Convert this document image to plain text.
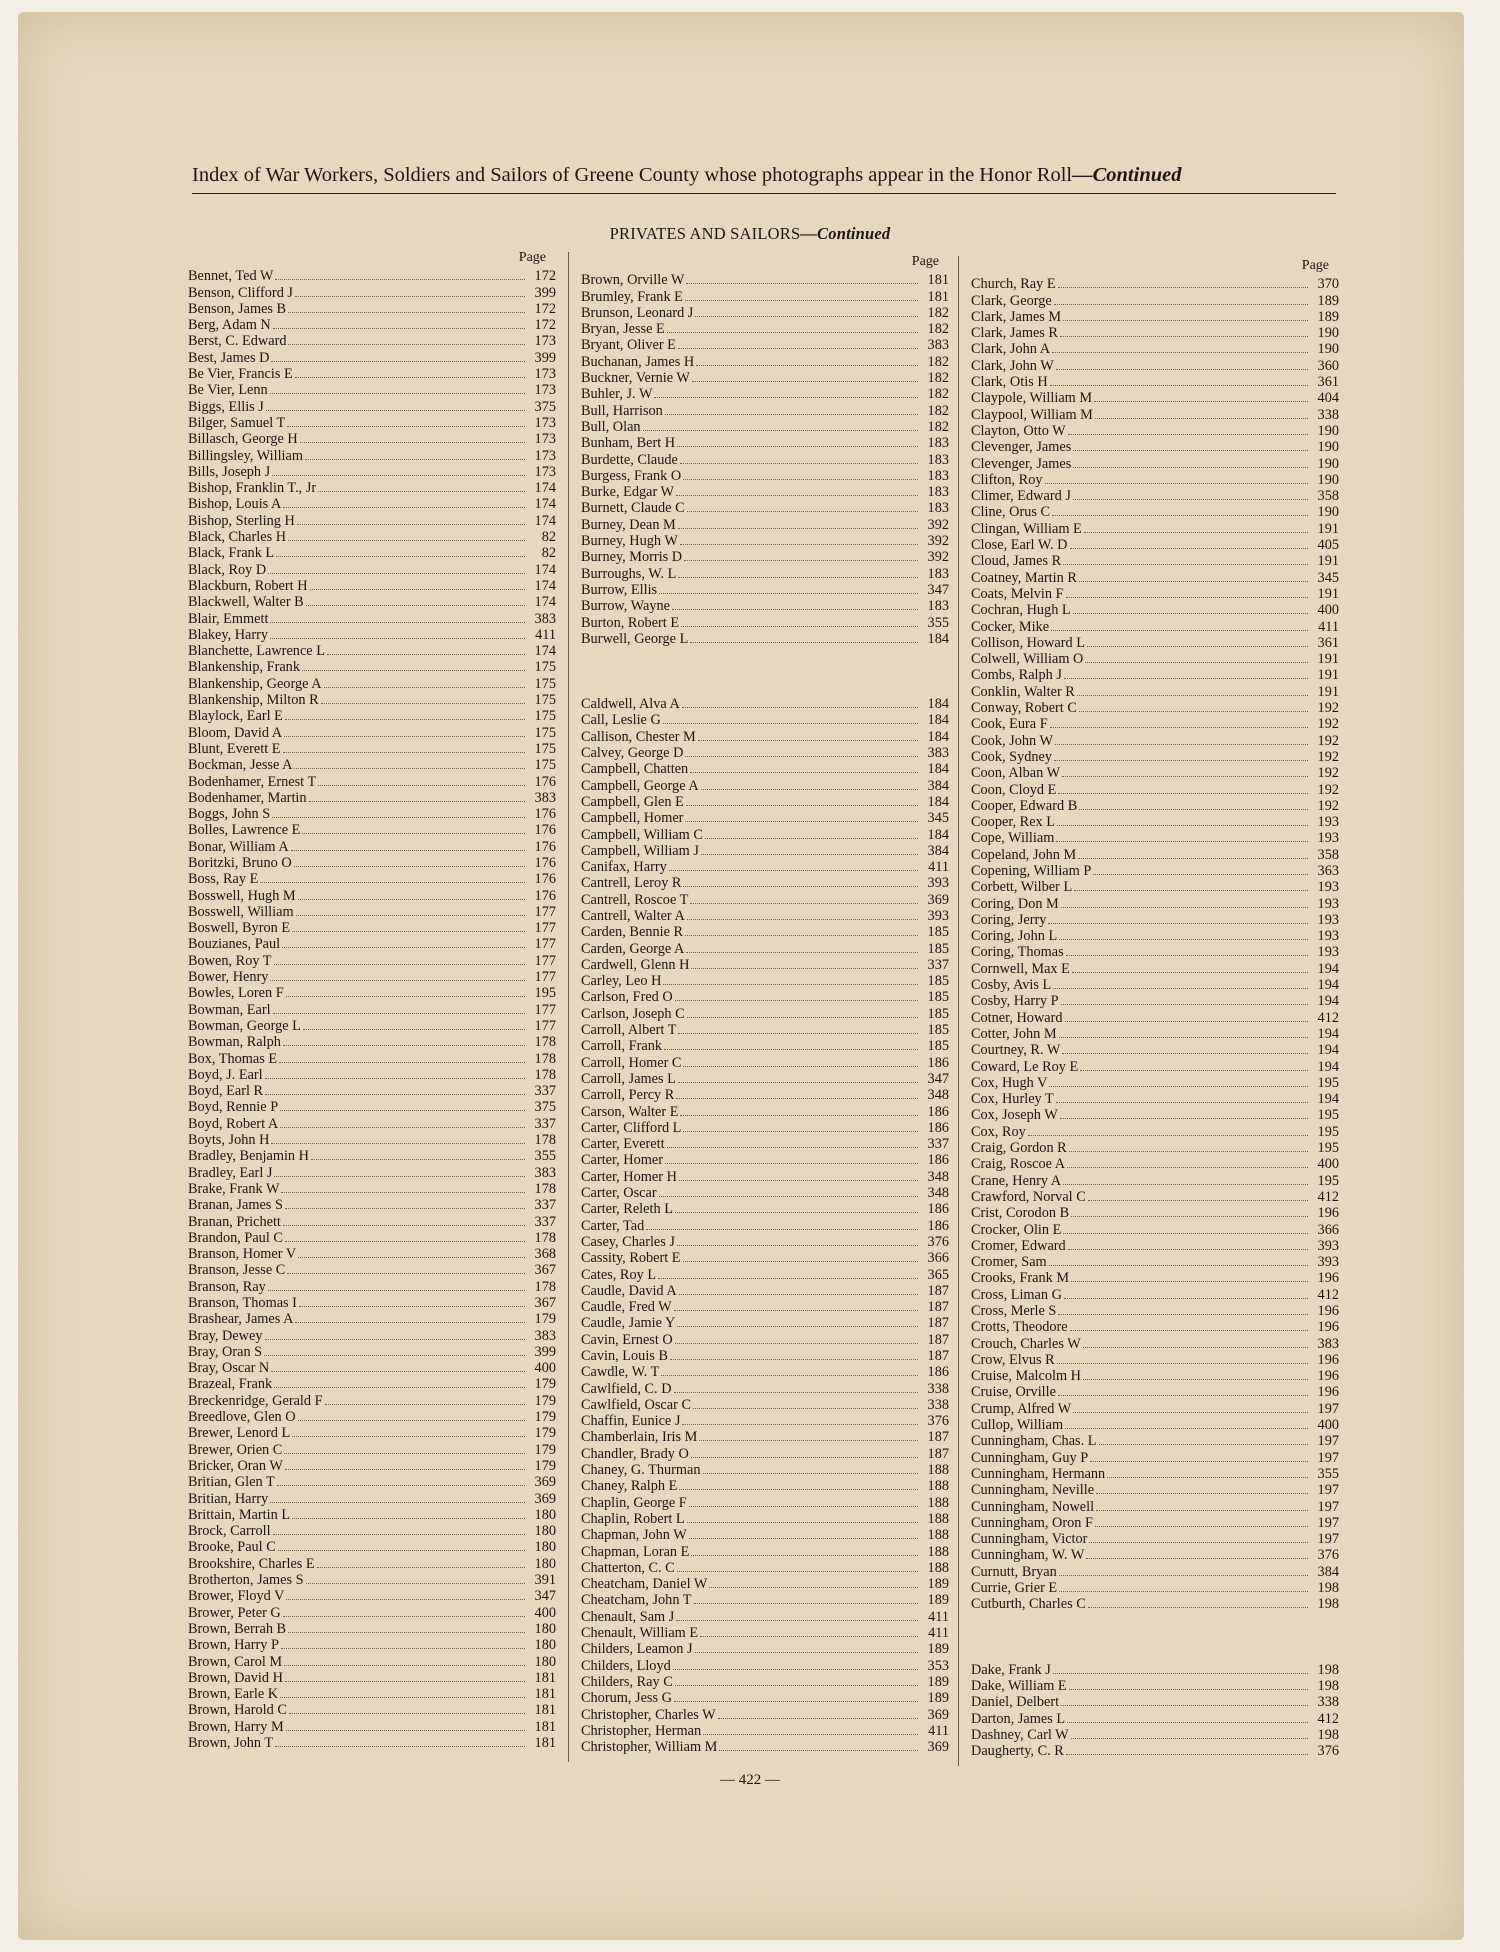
Index of War Workers, Soldiers and Sailors of Greene County whose photographs appear in the Honor Roll—Continued
PRIVATES AND SAILORS—Continued
Page
Bennet, Ted W	172
Benson, Clifford J	399
Benson, James B	172
Berg, Adam N	172
Berst, C. Edward	173
Best, James D	399
Be Vier, Francis E	173
Be Vier, Lenn	173
Biggs, Ellis J	375
Bilger, Samuel T	173
Billasch, George H	173
Billingsley, William	173
Bills, Joseph J	173
Bishop, Franklin T., Jr	174
Bishop, Louis A	174
Bishop, Sterling H	174
Black, Charles H	82
Black, Frank L	82
Black, Roy D	174
Blackburn, Robert H	174
Blackwell, Walter B	174
Blair, Emmett	383
Blakey, Harry	411
Blanchette, Lawrence L	174
Blankenship, Frank	175
Blankenship, George A	175
Blankenship, Milton R	175
Blaylock, Earl E	175
Bloom, David A	175
Blunt, Everett E	175
Bockman, Jesse A	175
Bodenhamer, Ernest T	176
Bodenhamer, Martin	383
Boggs, John S	176
Bolles, Lawrence E	176
Bonar, William A	176
Boritzki, Bruno O	176
Boss, Ray E	176
Bosswell, Hugh M	176
Bosswell, William	177
Boswell, Byron E	177
Bouzianes, Paul	177
Bowen, Roy T	177
Bower, Henry	177
Bowles, Loren F	195
Bowman, Earl	177
Bowman, George L	177
Bowman, Ralph	178
Box, Thomas E	178
Boyd, J. Earl	178
Boyd, Earl R	337
Boyd, Rennie P	375
Boyd, Robert A	337
Boyts, John H	178
Bradley, Benjamin H	355
Bradley, Earl J	383
Brake, Frank W	178
Branan, James S	337
Branan, Prichett	337
Brandon, Paul C	178
Branson, Homer V	368
Branson, Jesse C	367
Branson, Ray	178
Branson, Thomas I	367
Brashear, James A	179
Bray, Dewey	383
Bray, Oran S	399
Bray, Oscar N	400
Brazeal, Frank	179
Breckenridge, Gerald F	179
Breedlove, Glen O	179
Brewer, Lenord L	179
Brewer, Orien C	179
Bricker, Oran W	179
Britian, Glen T	369
Britian, Harry	369
Brittain, Martin L	180
Brock, Carroll	180
Brooke, Paul C	180
Brookshire, Charles E	180
Brotherton, James S	391
Brower, Floyd V	347
Brower, Peter G	400
Brown, Berrah B	180
Brown, Harry P	180
Brown, Carol M	180
Brown, David H	181
Brown, Earle K	181
Brown, Harold C	181
Brown, Harry M	181
Brown, John T	181
Page
Brown, Orville W	181
Brumley, Frank E	181
Brunson, Leonard J	182
Bryan, Jesse E	182
Bryant, Oliver E	383
Buchanan, James H	182
Buckner, Vernie W	182
Buhler, J. W	182
Bull, Harrison	182
Bull, Olan	182
Bunham, Bert H	183
Burdette, Claude	183
Burgess, Frank O	183
Burke, Edgar W	183
Burnett, Claude C	183
Burney, Dean M	392
Burney, Hugh W	392
Burney, Morris D	392
Burroughs, W. L	183
Burrow, Ellis	347
Burrow, Wayne	183
Burton, Robert E	355
Burwell, George L	184
Caldwell, Alva A	184
Call, Leslie G	184
Callison, Chester M	184
Calvey, George D	383
Campbell, Chatten	184
Campbell, George A	384
Campbell, Glen E	184
Campbell, Homer	345
Campbell, William C	184
Campbell, William J	384
Canifax, Harry	411
Cantrell, Leroy R	393
Cantrell, Roscoe T	369
Cantrell, Walter A	393
Carden, Bennie R	185
Carden, George A	185
Cardwell, Glenn H	337
Carley, Leo H	185
Carlson, Fred O	185
Carlson, Joseph C	185
Carroll, Albert T	185
Carroll, Frank	185
Carroll, Homer C	186
Carroll, James L	347
Carroll, Percy R	348
Carson, Walter E	186
Carter, Clifford L	186
Carter, Everett	337
Carter, Homer	186
Carter, Homer H	348
Carter, Oscar	348
Carter, Releth L	186
Carter, Tad	186
Casey, Charles J	376
Cassity, Robert E	366
Cates, Roy L	365
Caudle, David A	187
Caudle, Fred W	187
Caudle, Jamie Y	187
Cavin, Ernest O	187
Cavin, Louis B	187
Cawdle, W. T	186
Cawlfield, C. D	338
Cawlfield, Oscar C	338
Chaffin, Eunice J	376
Chamberlain, Iris M	187
Chandler, Brady O	187
Chaney, G. Thurman	188
Chaney, Ralph E	188
Chaplin, George F	188
Chaplin, Robert L	188
Chapman, John W	188
Chapman, Loran E	188
Chatterton, C. C	188
Cheatcham, Daniel W	189
Cheatcham, John T	189
Chenault, Sam J	411
Chenault, William E	411
Childers, Leamon J	189
Childers, Lloyd	353
Childers, Ray C	189
Chorum, Jess G	189
Christopher, Charles W	369
Christopher, Herman	411
Christopher, William M	369
Page
Church, Ray E	370
Clark, George	189
Clark, James M	189
Clark, James R	190
Clark, John A	190
Clark, John W	360
Clark, Otis H	361
Claypole, William M	404
Claypool, William M	338
Clayton, Otto W	190
Clevenger, James	190
Clevenger, James	190
Clifton, Roy	190
Climer, Edward J	358
Cline, Orus C	190
Clingan, William E	191
Close, Earl W. D	405
Cloud, James R	191
Coatney, Martin R	345
Coats, Melvin F	191
Cochran, Hugh L	400
Cocker, Mike	411
Collison, Howard L	361
Colwell, William O	191
Combs, Ralph J	191
Conklin, Walter R	191
Conway, Robert C	192
Cook, Eura F	192
Cook, John W	192
Cook, Sydney	192
Coon, Alban W	192
Coon, Cloyd E	192
Cooper, Edward B	192
Cooper, Rex L	193
Cope, William	193
Copeland, John M	358
Copening, William P	363
Corbett, Wilber L	193
Coring, Don M	193
Coring, Jerry	193
Coring, John L	193
Coring, Thomas	193
Cornwell, Max E	194
Cosby, Avis L	194
Cosby, Harry P	194
Cotner, Howard	412
Cotter, John M	194
Courtney, R. W	194
Coward, Le Roy E	194
Cox, Hugh V	195
Cox, Hurley T	194
Cox, Joseph W	195
Cox, Roy	195
Craig, Gordon R	195
Craig, Roscoe A	400
Crane, Henry A	195
Crawford, Norval C	412
Crist, Corodon B	196
Crocker, Olin E	366
Cromer, Edward	393
Cromer, Sam	393
Crooks, Frank M	196
Cross, Liman G	412
Cross, Merle S	196
Crotts, Theodore	196
Crouch, Charles W	383
Crow, Elvus R	196
Cruise, Malcolm H	196
Cruise, Orville	196
Crump, Alfred W	197
Cullop, William	400
Cunningham, Chas. L	197
Cunningham, Guy P	197
Cunningham, Hermann	355
Cunningham, Neville	197
Cunningham, Nowell	197
Cunningham, Oron F	197
Cunningham, Victor	197
Cunningham, W. W	376
Curnutt, Bryan	384
Currie, Grier E	198
Cutburth, Charles C	198
Dake, Frank J	198
Dake, William E	198
Daniel, Delbert	338
Darton, James L	412
Dashney, Carl W	198
Daugherty, C. R	376
— 422 —
